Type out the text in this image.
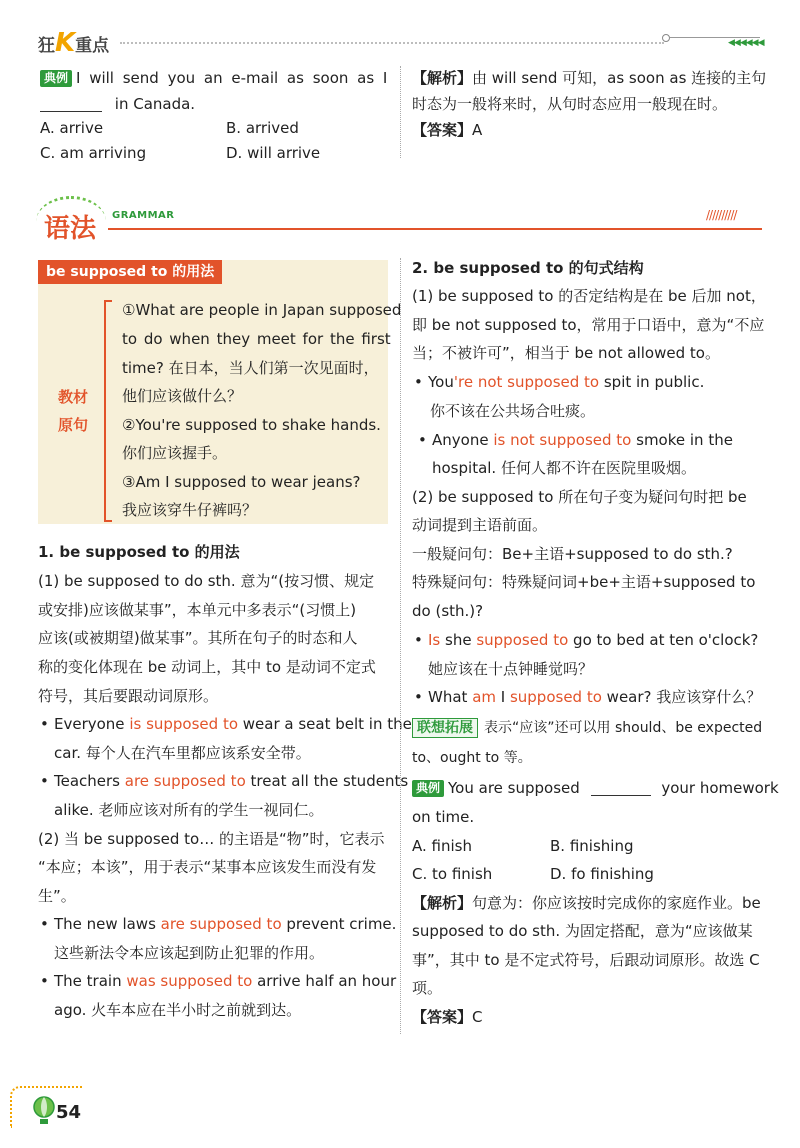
狂K重点	◀◀◀◀◀◀
典例 I will send you an e-mail as soon as I
in Canada.
A. arrive	B. arrived
C. am arriving	D. will arrive
【解析】由 will send 可知，as soon as 连接的主句
时态为一般将来时，从句时态应用一般现在时。
【答案】A
语法 GRAMMAR	//////////
be supposed to 的用法
教材
原句
①What are people in Japan supposed
to do when they meet for the first
time? 在日本，当人们第一次见面时，
他们应该做什么？
②You're supposed to shake hands.
你们应该握手。
③Am I supposed to wear jeans?
我应该穿牛仔裤吗？
1. be supposed to 的用法
(1) be supposed to do sth. 意为“(按习惯、规定
或安排)应该做某事”，本单元中多表示“(习惯上)
应该(或被期望)做某事”。其所在句子的时态和人
称的变化体现在 be 动词上，其中 to 是动词不定式
符号，其后要跟动词原形。
• Everyone is supposed to wear a seat belt in the
car. 每个人在汽车里都应该系安全带。
• Teachers are supposed to treat all the students
alike. 老师应该对所有的学生一视同仁。
(2) 当 be supposed to… 的主语是“物”时，它表示
“本应；本该”，用于表示“某事本应该发生而没有发
生”。
• The new laws are supposed to prevent crime.
这些新法令本应该起到防止犯罪的作用。
• The train was supposed to arrive half an hour
ago. 火车本应在半小时之前就到达。
2. be supposed to 的句式结构
(1) be supposed to 的否定结构是在 be 后加 not，
即 be not supposed to，常用于口语中，意为“不应
当；不被许可”，相当于 be not allowed to。
• You're not supposed to spit in public.
你不该在公共场合吐痰。
• Anyone is not supposed to smoke in the
hospital. 任何人都不许在医院里吸烟。
(2) be supposed to 所在句子变为疑问句时把 be
动词提到主语前面。
一般疑问句：Be+主语+supposed to do sth.?
特殊疑问句：特殊疑问词+be+主语+supposed to
do (sth.)?
• Is she supposed to go to bed at ten o'clock?
她应该在十点钟睡觉吗？
• What am I supposed to wear? 我应该穿什么？
联想拓展 表示“应该”还可以用 should、be expected
to、ought to 等。
典例 You are supposed	your homework
on time.
A. finish	B. finishing
C. to finish	D. fo finishing
【解析】句意为：你应该按时完成你的家庭作业。be
supposed to do sth. 为固定搭配，意为“应该做某
事”，其中 to 是不定式符号，后跟动词原形。故选 C
项。
【答案】C
54
